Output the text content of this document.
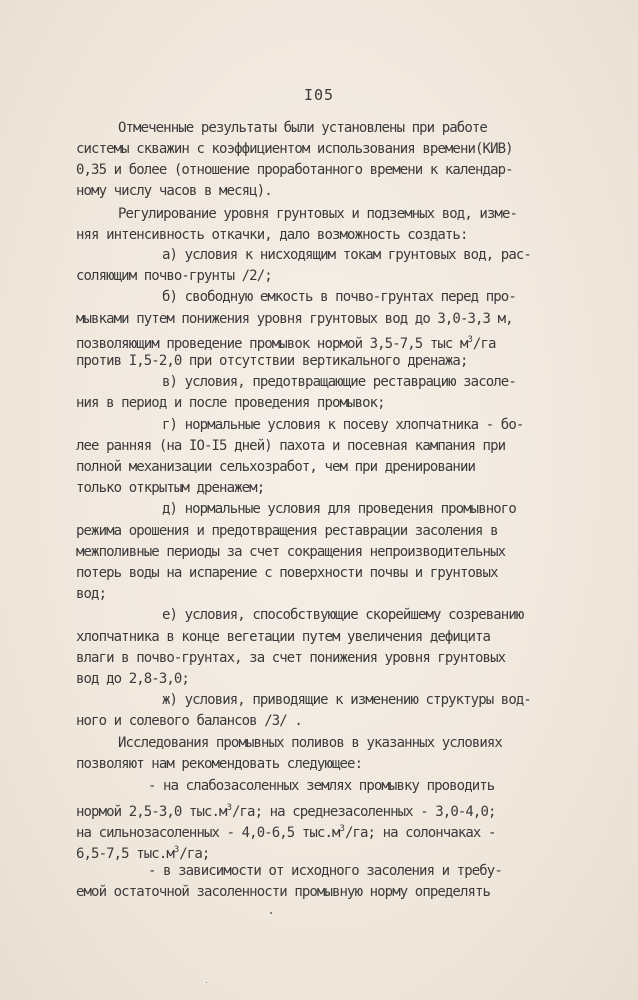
I05
Отмеченные результаты были установлены при работе
системы скважин с коэффициентом использования времени(КИВ)
0,35 и более (отношение проработанного времени к календар-
ному числу часов в месяц).
Регулирование уровня грунтовых и подземных вод, изме-
няя интенсивность откачки, дало возможность создать:
а) условия к нисходящим токам грунтовых вод, рас-
соляющим почво-грунты /2/;
б) свободную емкость в почво-грунтах перед про-
мывками путем понижения уровня грунтовых вод до 3,0-3,3 м,
позволяющим проведение промывок нормой 3,5-7,5 тыс $м^3/га$
против I,5-2,0 при отсутствии вертикального дренажа;
в) условия, предотвращающие реставрацию засоле-
ния в период и после проведения промывок;
г) нормальные условия к посеву хлопчатника - бо-
лее ранняя (на IO-I5 дней) пахота и посевная кампания при
полной механизации сельхозработ, чем при дренировании
только открытым дренажем;
д) нормальные условия для проведения промывного
режима орошения и предотвращения реставрации засоления в
межполивные периоды за счет сокращения непроизводительных
потерь воды на испарение с поверхности почвы и грунтовых
вод;
е) условия, способствующие скорейшему созреванию
хлопчатника в конце вегетации путем увеличения дефицита
влаги в почво-грунтах, за счет понижения уровня грунтовых
вод до 2,8-3,0;
ж) условия, приводящие к изменению структуры вод-
ного и солевого балансов /3/ .
Исследования промывных поливов в указанных условиях
позволяют нам рекомендовать следующее:
- на слабозасоленных землях промывку проводить
нормой 2,5-3,0 $тыс.м^3/га$; на среднезасоленных - 3,0-4,0;
на сильнозасоленных - 4,0-6,5 $тыс.м^3/га$; на солончаках -
6,5-7,5 $тыс.м^3/га$;
- в зависимости от исходного засоления и требу-
емой остаточной засоленности промывную норму определять
